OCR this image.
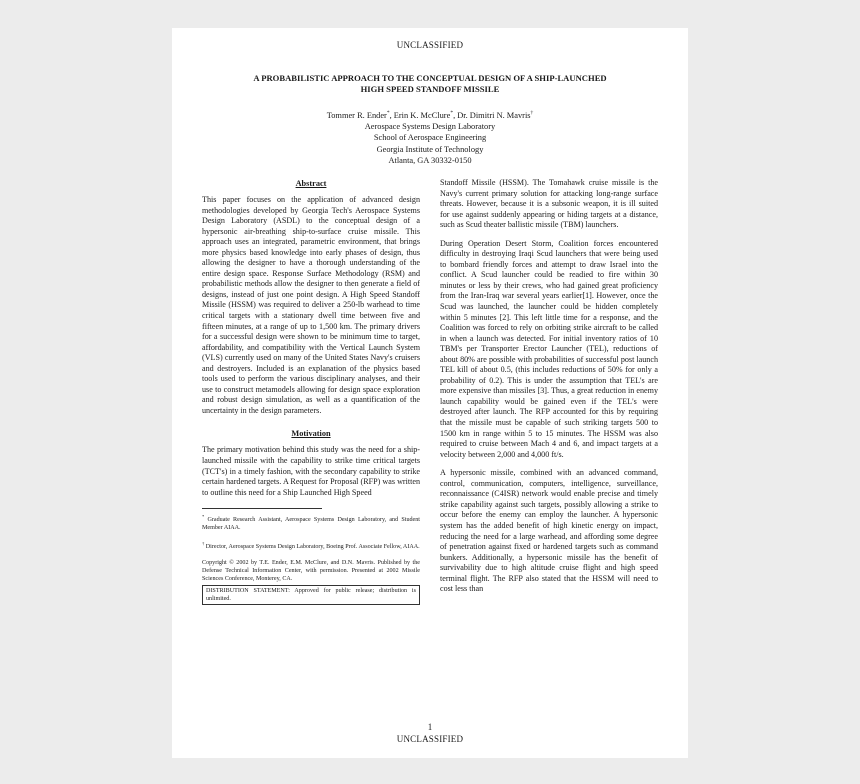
UNCLASSIFIED
A PROBABILISTIC APPROACH TO THE CONCEPTUAL DESIGN OF A SHIP-LAUNCHED
HIGH SPEED STANDOFF MISSILE
Tommer R. Ender*, Erin K. McClure*, Dr. Dimitri N. Mavris†
Aerospace Systems Design Laboratory
School of Aerospace Engineering
Georgia Institute of Technology
Atlanta, GA 30332-0150
Abstract

This paper focuses on the application of advanced design methodologies developed by Georgia Tech's Aerospace Systems Design Laboratory (ASDL) to the conceptual design of a hypersonic air-breathing ship-to-surface cruise missile. This approach uses an integrated, parametric environment, that brings more physics based knowledge into early phases of design, thus allowing the designer to have a thorough understanding of the entire design space. Response Surface Methodology (RSM) and probabilistic methods allow the designer to then generate a field of designs, instead of just one point design. A High Speed Standoff Missile (HSSM) was required to deliver a 250-lb warhead to time critical targets with a stationary dwell time between five and fifteen minutes, at a range of up to 1,500 km. The primary drivers for a successful design were shown to be minimum time to target, affordability, and compatibility with the Vertical Launch System (VLS) currently used on many of the United States Navy's cruisers and destroyers. Included is an explanation of the physics based tools used to perform the various disciplinary analyses, and their use to construct metamodels allowing for design space exploration and robust design simulation, as well as a quantification of the uncertainty in the design parameters.

Motivation

The primary motivation behind this study was the need for a ship-launched missile with the capability to strike time critical targets (TCT's) in a timely fashion, with the secondary capability to strike certain hardened targets. A Request for Proposal (RFP) was written to outline this need for a Ship Launched High Speed

* Graduate Research Assistant, Aerospace Systems Design Laboratory, and Student Member AIAA.

† Director, Aerospace Systems Design Laboratory, Boeing Prof. Associate Fellow, AIAA.

Copyright © 2002 by T.E. Ender, E.M. McClure, and D.N. Mavris. Published by the Defense Technical Information Center, with permission. Presented at 2002 Missile Sciences Conference, Monterey, CA.

DISTRIBUTION STATEMENT: Approved for public release; distribution is unlimited.

Standoff Missile (HSSM). The Tomahawk cruise missile is the Navy's current primary solution for attacking long-range surface threats. However, because it is a subsonic weapon, it is ill suited for use against suddenly appearing or hiding targets at a distance, such as Scud theater ballistic missile (TBM) launchers.

During Operation Desert Storm, Coalition forces encountered difficulty in destroying Iraqi Scud launchers that were being used to bombard friendly forces and attempt to draw Israel into the conflict. A Scud launcher could be readied to fire within 30 minutes or less by their crews, who had gained great proficiency from the Iran-Iraq war several years earlier[1]. However, once the Scud was launched, the launcher could be hidden completely within 5 minutes [2]. This left little time for a response, and the Coalition was forced to rely on orbiting strike aircraft to be called in when a launch was detected. For initial inventory ratios of 10 TBM's per Transporter Erector Launcher (TEL), reductions of about 80% are possible with probabilities of successful post launch TEL kill of about 0.5, (this includes reductions of 50% for only a probability of 0.2). This is under the assumption that TEL's are more expensive than missiles [3]. Thus, a great reduction in enemy launch capability would be gained even if the TEL's were destroyed after launch. The RFP accounted for this by requiring that the missile must be capable of such striking targets 500 to 1500 km in range within 5 to 15 minutes. The HSSM was also required to cruise between Mach 4 and 6, and impact targets at a velocity between 2,000 and 4,000 ft/s.

A hypersonic missile, combined with an advanced command, control, communication, computers, intelligence, surveillance, reconnaissance (C4ISR) network would enable precise and timely strike capability against such targets, possibly allowing a strike to occur before the enemy can employ the launcher. A hypersonic system has the added benefit of high kinetic energy on impact, reducing the need for a large warhead, and affording some degree of penetration against fixed or hardened targets such as command bunkers. Additionally, a hypersonic missile has the benefit of survivability due to high altitude cruise flight and high speed terminal flight. The RFP also stated that the HSSM will need to cost less than

1
UNCLASSIFIED
